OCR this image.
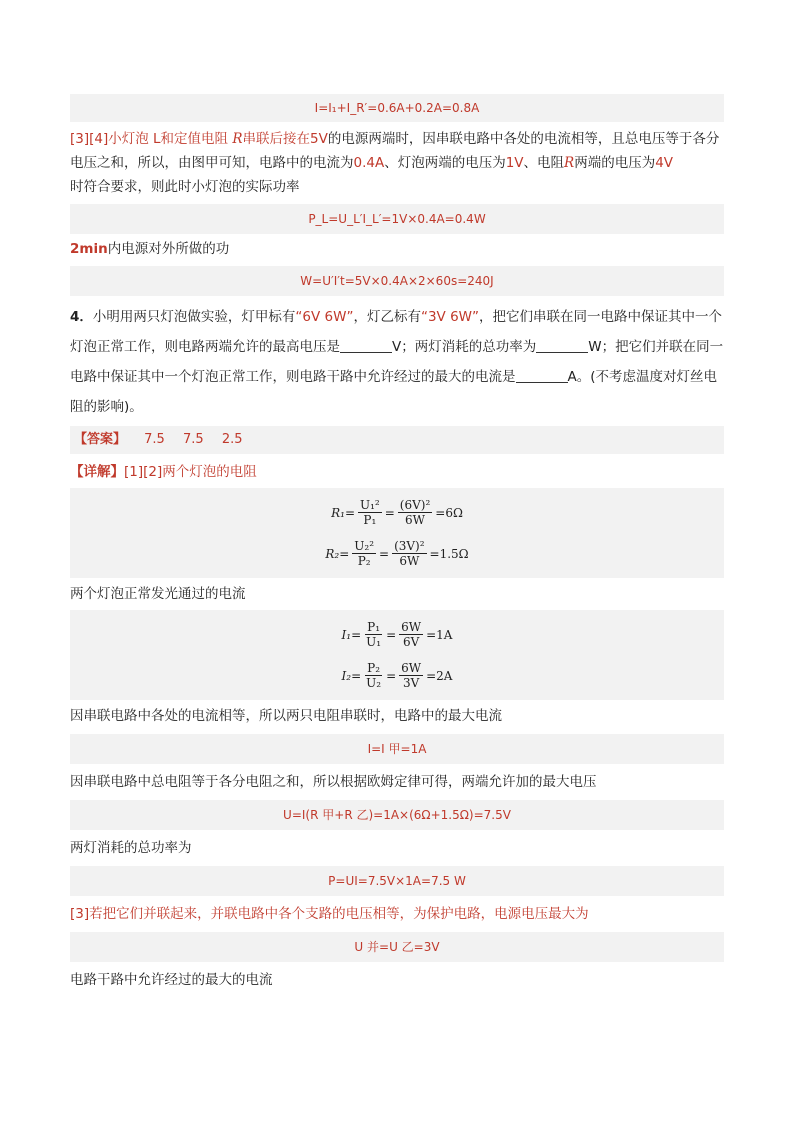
I=I₁+I_R′=0.6A+0.2A=0.8A
[3][4]小灯泡 L和定值电阻 R串联后接在5V的电源两端时，因串联电路中各处的电流相等，且总电压等于各分电压之和，所以，由图甲可知，电路中的电流为0.4A、灯泡两端的电压为1V、电阻R两端的电压为4V
时符合要求，则此时小灯泡的实际功率
P_L=U_L′I_L′=1V×0.4A=0.4W
2min内电源对外所做的功
W=U′I′t=5V×0.4A×2×60s=240J
4．小明用两只灯泡做实验，灯甲标有“6V 6W”，灯乙标有“3V 6W”，把它们串联在同一电路中保证其中一个灯泡正常工作，则电路两端允许的最高电压是	V；两灯消耗的总功率为	W；把它们并联在同一电路中保证其中一个灯泡正常工作，则电路干路中允许经过的最大的电流是	A。(不考虑温度对灯丝电阻的影响)。
【答案】 7.5 7.5 2.5
【详解】[1][2]两个灯泡的电阻
$R_1 = \frac{\text{U₁²}}{\text{P₁}} = \frac{\text{(6V)²}}{6W} =6\Omega$
$R_2 = \frac{\text{U₂²}}{\text{P₂}} = \frac{\text{(3V)²}}{6W} =1.5\Omega$
两个灯泡正常发光通过的电流
$I_1 = \frac{\text{P₁}}{\text{U₁}} = \frac{6W}{6V} =1A$
$I_2 = \frac{\text{P₂}}{\text{U₂}} = \frac{6W}{3V} =2A$
因串联电路中各处的电流相等，所以两只电阻串联时，电路中的最大电流
I=I 甲=1A
因串联电路中总电阻等于各分电阻之和，所以根据欧姆定律可得，两端允许加的最大电压
U=I(R 甲+R 乙)=1A×(6Ω+1.5Ω)=7.5V
两灯消耗的总功率为
P=UI=7.5V×1A=7.5 W
[3]若把它们并联起来，并联电路中各个支路的电压相等，为保护电路，电源电压最大为
U 并=U 乙=3V
电路干路中允许经过的最大的电流
